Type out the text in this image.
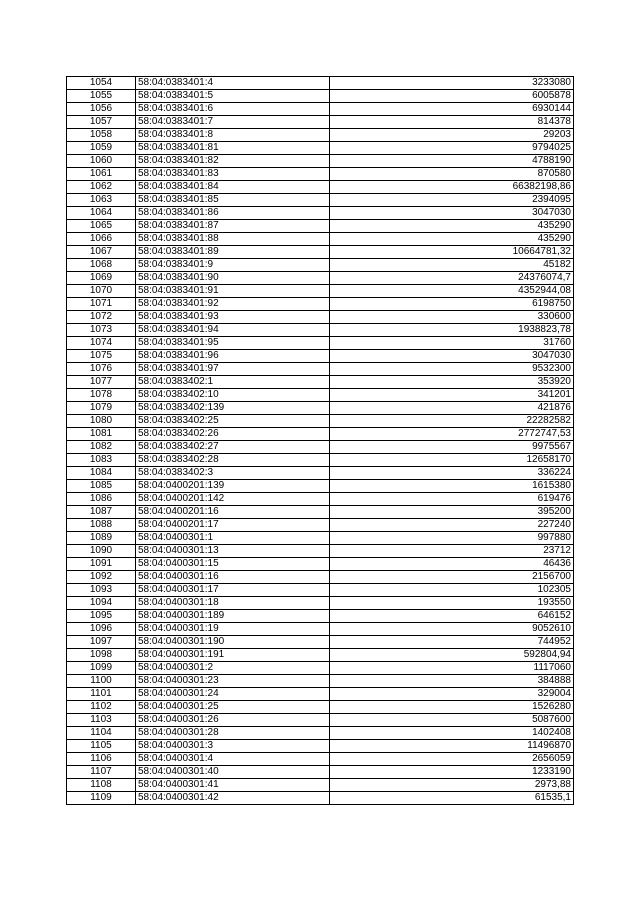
1054	58:04:0383401:4	3233080
1055	58:04:0383401:5	6005878
1056	58:04:0383401:6	6930144
1057	58:04:0383401:7	814378
1058	58:04:0383401:8	29203
1059	58:04:0383401:81	9794025
1060	58:04:0383401:82	4788190
1061	58:04:0383401:83	870580
1062	58:04:0383401:84	66382198,86
1063	58:04:0383401:85	2394095
1064	58:04:0383401:86	3047030
1065	58:04:0383401:87	435290
1066	58:04:0383401:88	435290
1067	58:04:0383401:89	10664781,32
1068	58:04:0383401:9	45182
1069	58:04:0383401:90	24376074,7
1070	58:04:0383401:91	4352944,08
1071	58:04:0383401:92	6198750
1072	58:04:0383401:93	330600
1073	58:04:0383401:94	1938823,78
1074	58:04:0383401:95	31760
1075	58:04:0383401:96	3047030
1076	58:04:0383401:97	9532300
1077	58:04:0383402:1	353920
1078	58:04:0383402:10	341201
1079	58:04:0383402:139	421876
1080	58:04:0383402:25	22282582
1081	58:04:0383402:26	2772747,53
1082	58:04:0383402:27	9975567
1083	58:04:0383402:28	12658170
1084	58:04:0383402:3	336224
1085	58:04:0400201:139	1615380
1086	58:04:0400201:142	619476
1087	58:04:0400201:16	395200
1088	58:04:0400201:17	227240
1089	58:04:0400301:1	997880
1090	58:04:0400301:13	23712
1091	58:04:0400301:15	46436
1092	58:04:0400301:16	2156700
1093	58:04:0400301:17	102305
1094	58:04:0400301:18	193550
1095	58:04:0400301:189	646152
1096	58:04:0400301:19	9052610
1097	58:04:0400301:190	744952
1098	58:04:0400301:191	592804,94
1099	58:04:0400301:2	1117060
1100	58:04:0400301:23	384888
1101	58:04:0400301:24	329004
1102	58:04:0400301:25	1526280
1103	58:04:0400301:26	5087600
1104	58:04:0400301:28	1402408
1105	58:04:0400301:3	11496870
1106	58:04:0400301:4	2656059
1107	58:04:0400301:40	1233190
1108	58:04:0400301:41	2973,88
1109	58:04:0400301:42	61535,1
